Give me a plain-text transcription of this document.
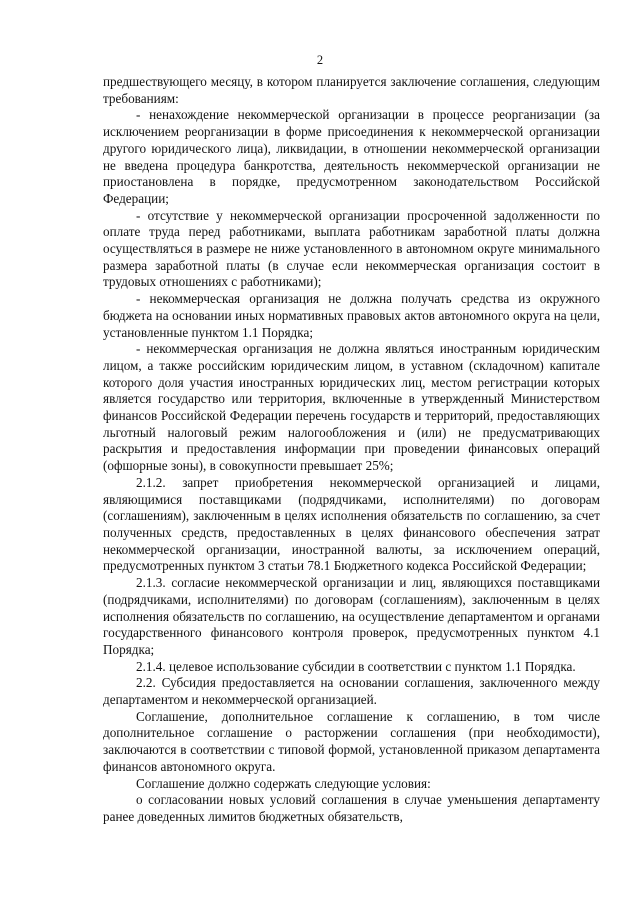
2

предшествующего месяцу, в котором планируется заключение соглашения, следующим требованиям:

- ненахождение некоммерческой организации в процессе реорганизации (за исключением реорганизации в форме присоединения к некоммерческой организации другого юридического лица), ликвидации, в отношении некоммерческой организации не введена процедура банкротства, деятельность некоммерческой организации не приостановлена в порядке, предусмотренном законодательством Российской Федерации;

- отсутствие у некоммерческой организации просроченной задолженности по оплате труда перед работниками, выплата работникам заработной платы должна осуществляться в размере не ниже установленного в автономном округе минимального размера заработной платы (в случае если некоммерческая организация состоит в трудовых отношениях с работниками);

- некоммерческая организация не должна получать средства из окружного бюджета на основании иных нормативных правовых актов автономного округа на цели, установленные пунктом 1.1 Порядка;

- некоммерческая организация не должна являться иностранным юридическим лицом, а также российским юридическим лицом, в уставном (складочном) капитале которого доля участия иностранных юридических лиц, местом регистрации которых является государство или территория, включенные в утвержденный Министерством финансов Российской Федерации перечень государств и территорий, предоставляющих льготный налоговый режим налогообложения и (или) не предусматривающих раскрытия и предоставления информации при проведении финансовых операций (офшорные зоны), в совокупности превышает 25%;

2.1.2. запрет приобретения некоммерческой организацией и лицами, являющимися поставщиками (подрядчиками, исполнителями) по договорам (соглашениям), заключенным в целях исполнения обязательств по соглашению, за счет полученных средств, предоставленных в целях финансового обеспечения затрат некоммерческой организации, иностранной валюты, за исключением операций, предусмотренных пунктом 3 статьи 78.1 Бюджетного кодекса Российской Федерации;

2.1.3. согласие некоммерческой организации и лиц, являющихся поставщиками (подрядчиками, исполнителями) по договорам (соглашениям), заключенным в целях исполнения обязательств по соглашению, на осуществление департаментом и органами государственного финансового контроля проверок, предусмотренных пунктом 4.1 Порядка;

2.1.4. целевое использование субсидии в соответствии с пунктом 1.1 Порядка.

2.2. Субсидия предоставляется на основании соглашения, заключенного между департаментом и некоммерческой организацией.

Соглашение, дополнительное соглашение к соглашению, в том числе дополнительное соглашение о расторжении соглашения (при необходимости), заключаются в соответствии с типовой формой, установленной приказом департамента финансов автономного округа.

Соглашение должно содержать следующие условия:

о согласовании новых условий соглашения в случае уменьшения департаменту ранее доведенных лимитов бюджетных обязательств,
